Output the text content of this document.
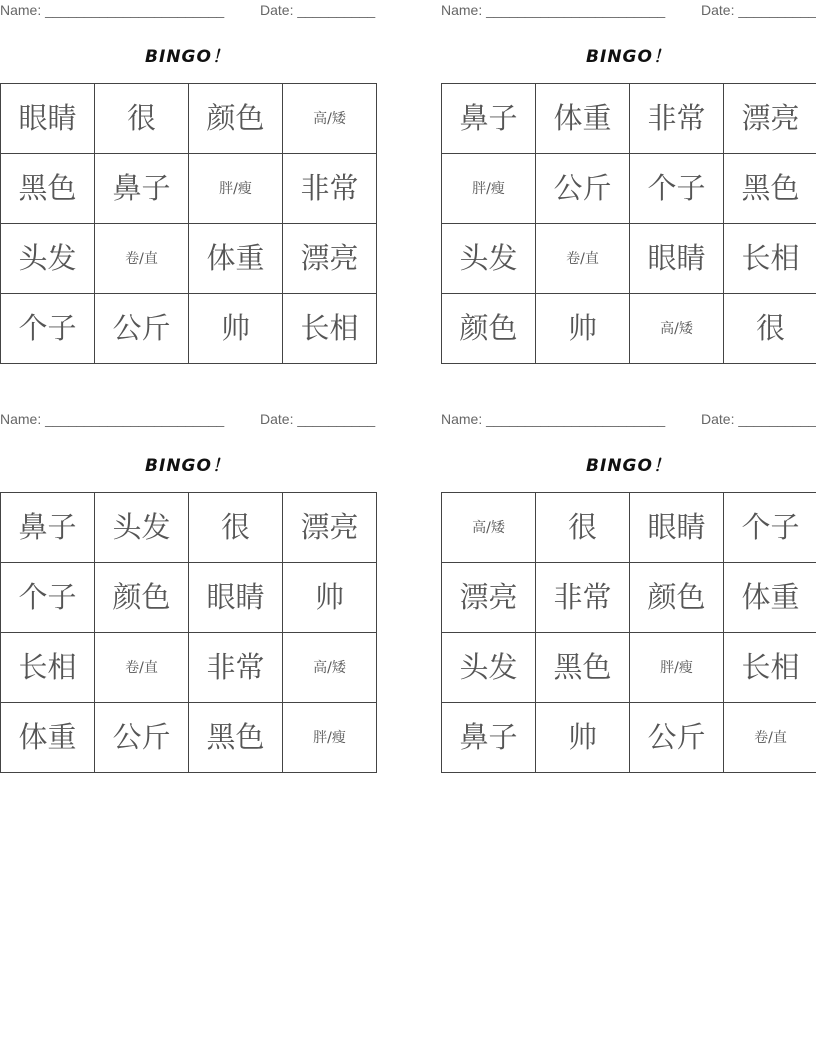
Name: _______________________	Date: __________
BINGO！
眼睛	很	颜色	高/矮
黑色	鼻子	胖/瘦	非常
头发	卷/直	体重	漂亮
个子	公斤	帅	长相
Name: _______________________	Date: __________
BINGO！
鼻子	体重	非常	漂亮
胖/瘦	公斤	个子	黑色
头发	卷/直	眼睛	长相
颜色	帅	高/矮	很
Name: _______________________	Date: __________
BINGO！
鼻子	头发	很	漂亮
个子	颜色	眼睛	帅
长相	卷/直	非常	高/矮
体重	公斤	黑色	胖/瘦
Name: _______________________	Date: __________
BINGO！
高/矮	很	眼睛	个子
漂亮	非常	颜色	体重
头发	黑色	胖/瘦	长相
鼻子	帅	公斤	卷/直
